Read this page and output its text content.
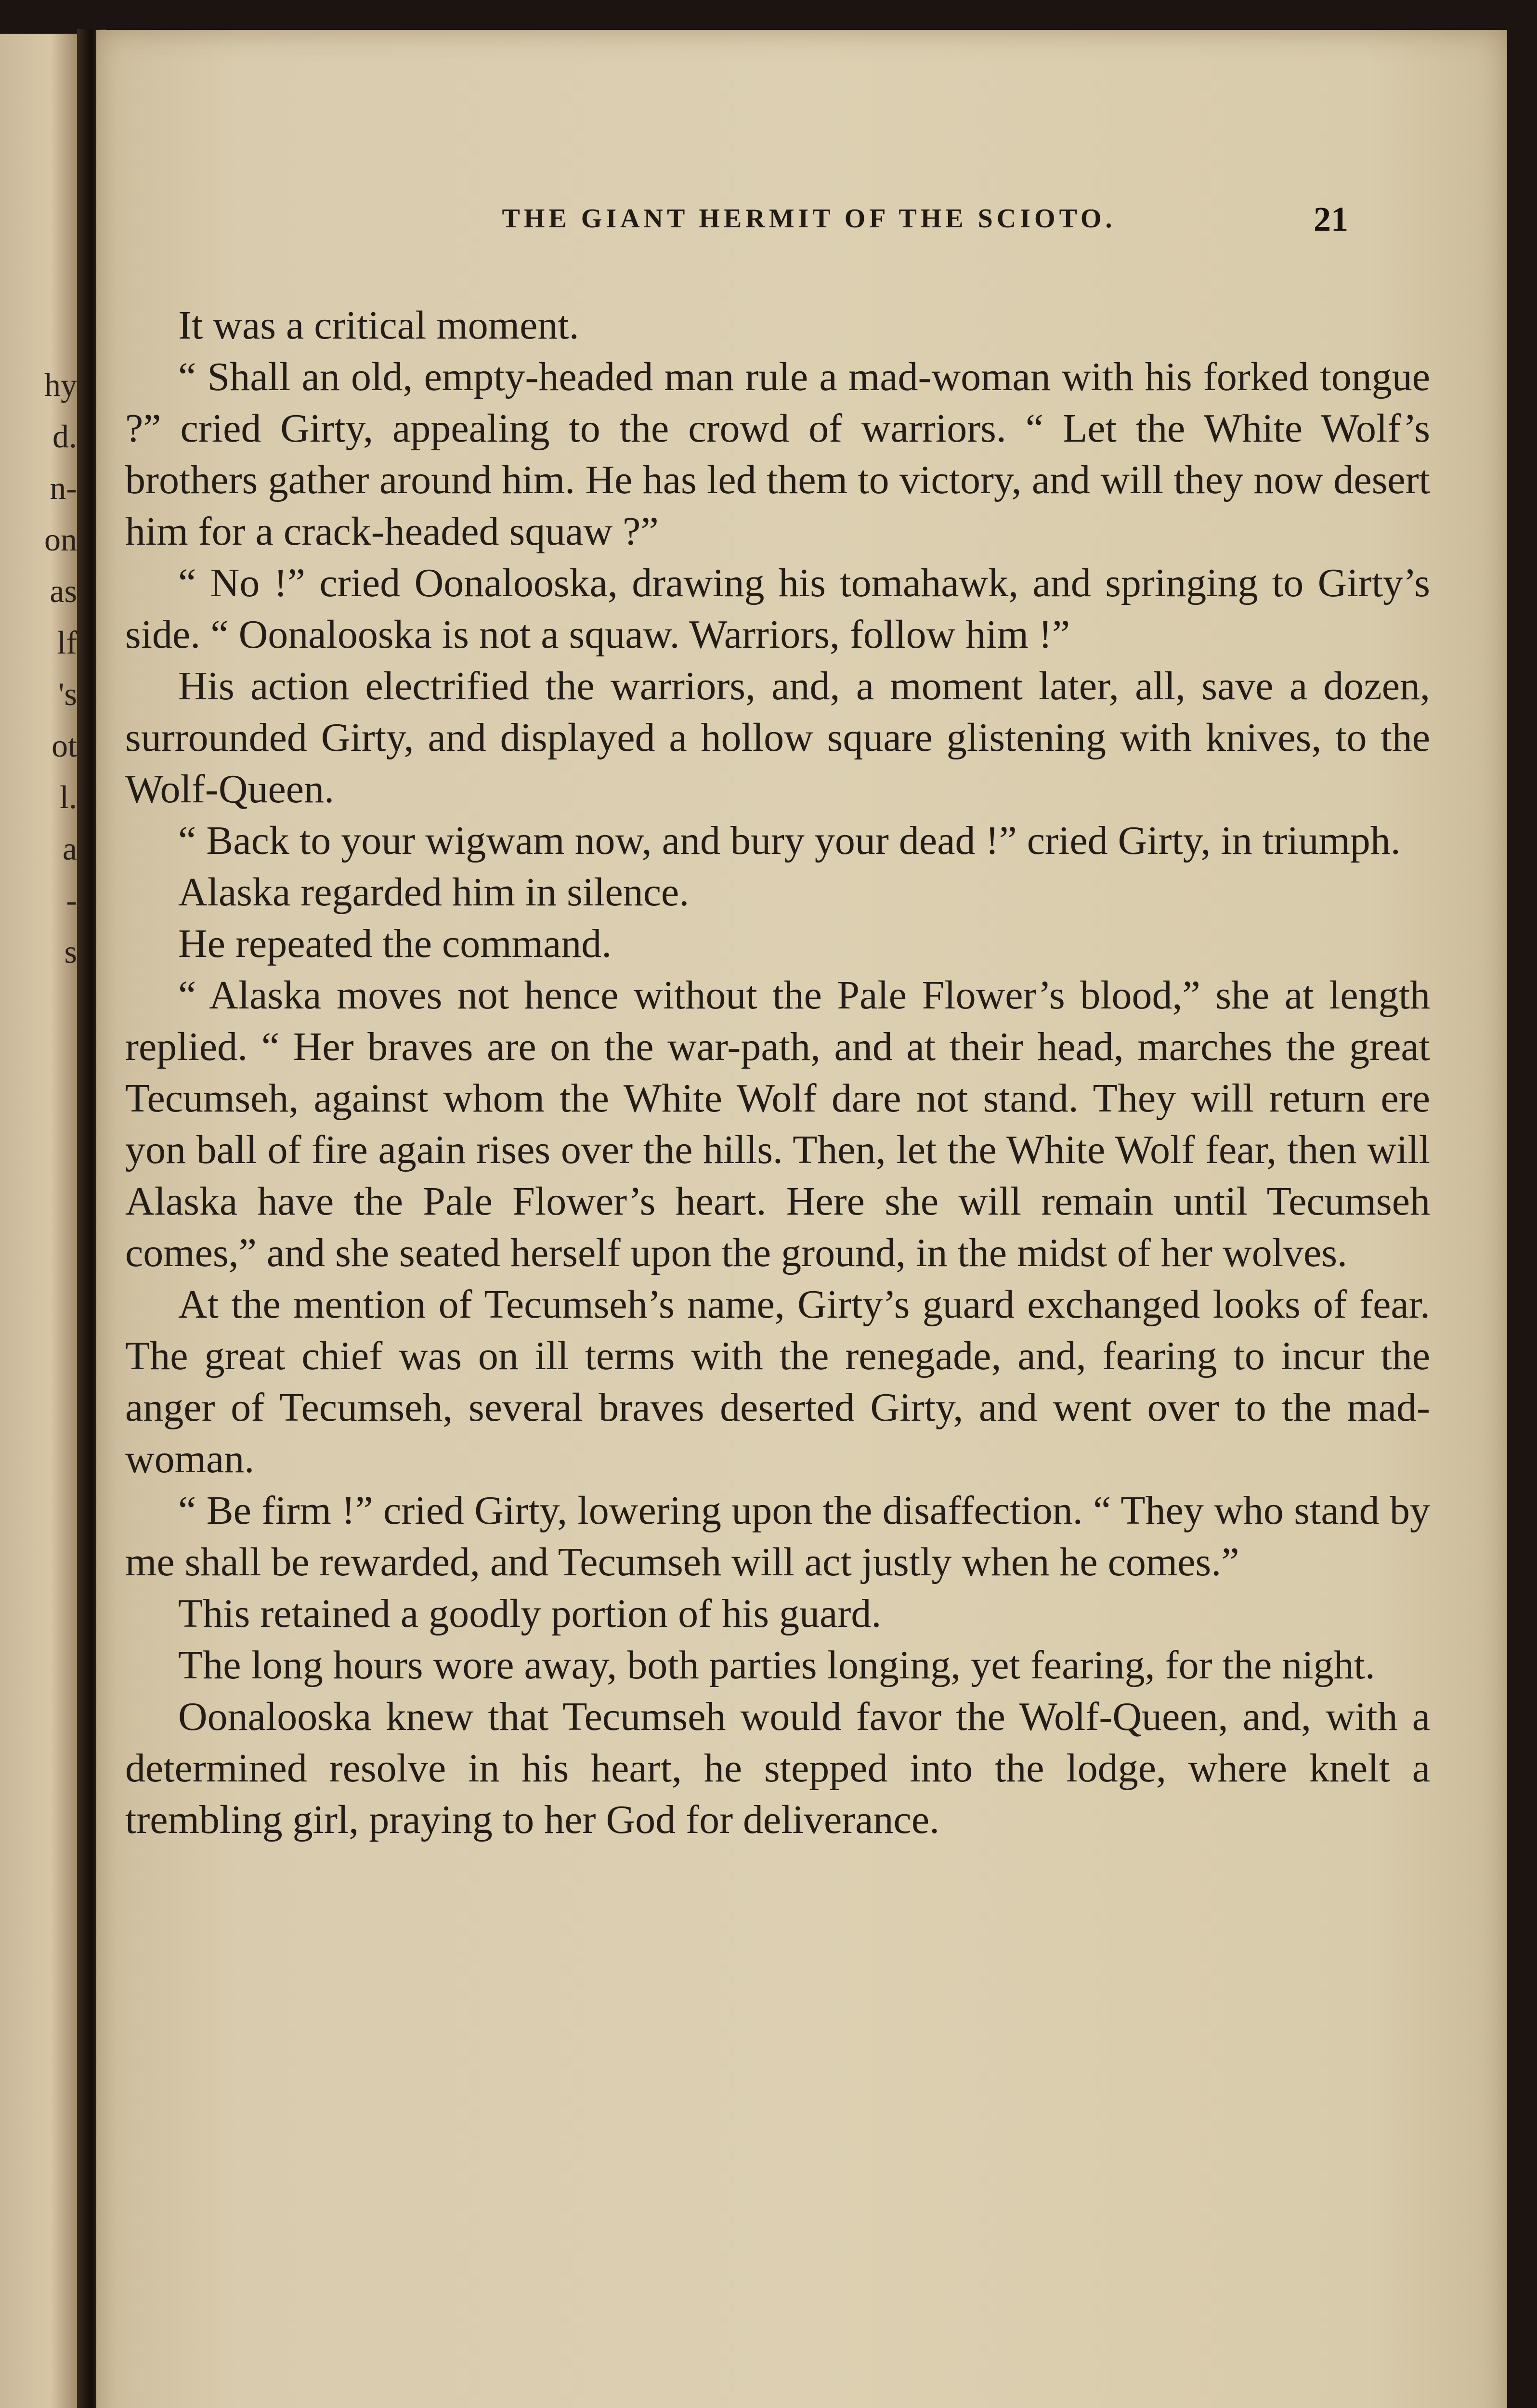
hy
d.
n-
on
as
lf
's
ot
l.
a
-
s
THE GIANT HERMIT OF THE SCIOTO.	21

It was a critical moment.

“ Shall an old, empty-headed man rule a mad-woman with his forked tongue ?” cried Girty, appealing to the crowd of warriors. “ Let the White Wolf’s brothers gather around him. He has led them to victory, and will they now desert him for a crack-headed squaw ?”

“ No !” cried Oonalooska, drawing his tomahawk, and springing to Girty’s side. “ Oonalooska is not a squaw. Warriors, follow him !”

His action electrified the warriors, and, a moment later, all, save a dozen, surrounded Girty, and displayed a hollow square glistening with knives, to the Wolf-Queen.

“ Back to your wigwam now, and bury your dead !” cried Girty, in triumph.

Alaska regarded him in silence.

He repeated the command.

“ Alaska moves not hence without the Pale Flower’s blood,” she at length replied. “ Her braves are on the war-path, and at their head, marches the great Tecumseh, against whom the White Wolf dare not stand. They will return ere yon ball of fire again rises over the hills. Then, let the White Wolf fear, then will Alaska have the Pale Flower’s heart. Here she will remain until Tecumseh comes,” and she seated herself upon the ground, in the midst of her wolves.

At the mention of Tecumseh’s name, Girty’s guard exchanged looks of fear. The great chief was on ill terms with the renegade, and, fearing to incur the anger of Tecumseh, several braves deserted Girty, and went over to the mad-woman.

“ Be firm !” cried Girty, lowering upon the disaffection. “ They who stand by me shall be rewarded, and Tecumseh will act justly when he comes.”

This retained a goodly portion of his guard.

The long hours wore away, both parties longing, yet fearing, for the night.

Oonalooska knew that Tecumseh would favor the Wolf-Queen, and, with a determined resolve in his heart, he stepped into the lodge, where knelt a trembling girl, praying to her God for deliverance.
